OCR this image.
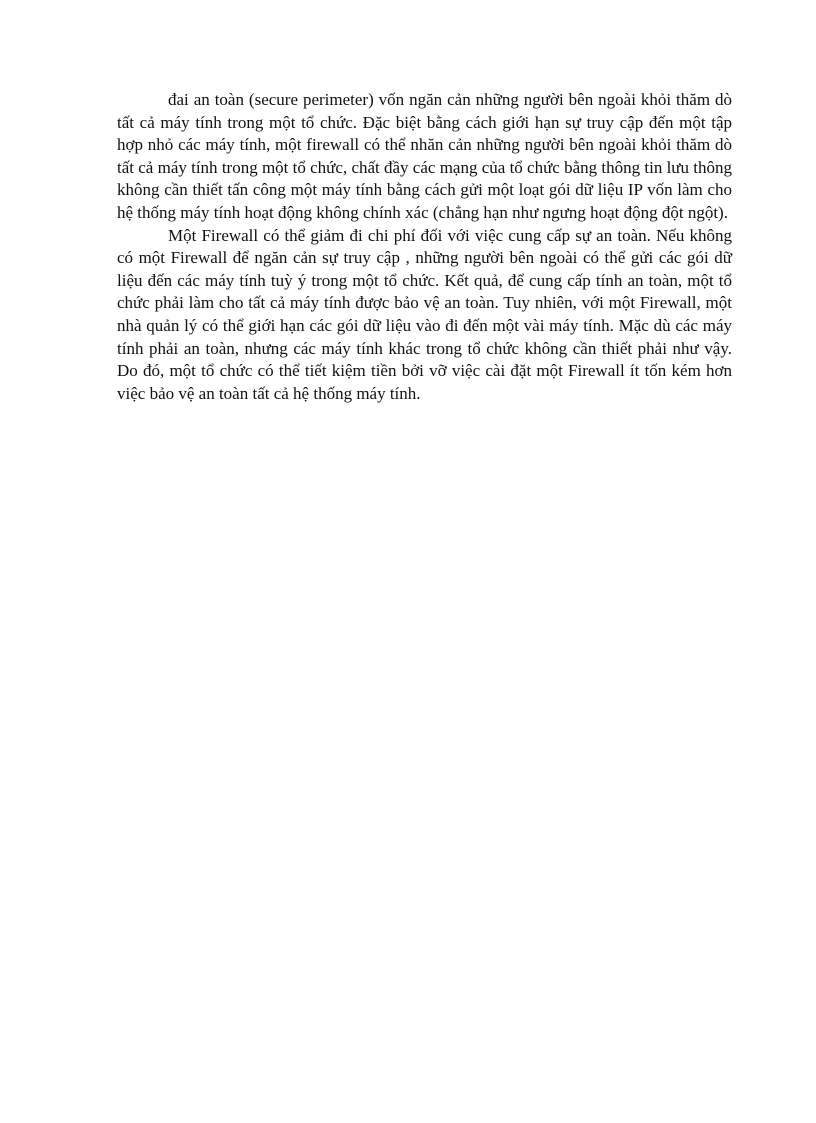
đai an toàn (secure perimeter) vốn ngăn cản những người bên ngoài khỏi thăm dò tất cả máy tính trong một tổ chức. Đặc biệt bằng cách giới hạn sự truy cập đến một tập hợp nhỏ các máy tính, một firewall có thể nhăn cản những người bên ngoài khỏi thăm dò tất cả máy tính trong một tổ chức, chất đầy các mạng của tổ chức bằng thông tin lưu thông không cần thiết tấn công một máy tính bằng cách gửi một loạt gói dữ liệu IP vốn làm cho hệ thống máy tính hoạt động không chính xác (chẳng hạn như ngưng hoạt động đột ngột).

Một Firewall có thể giảm đi chi phí đối với việc cung cấp sự an toàn. Nếu không có một Firewall để ngăn cản sự truy cập , những người bên ngoài có thể gửi các gói dữ liệu đến các máy tính tuỳ ý trong một tổ chức. Kết quả, để cung cấp tính an toàn, một tổ chức phải làm cho tất cả máy tính được bảo vệ an toàn. Tuy nhiên, với một Firewall, một nhà quản lý có thể giới hạn các gói dữ liệu vào đi đến một vài máy tính. Mặc dù các máy tính phải an toàn, nhưng các máy tính khác trong tổ chức không cần thiết phải như vậy. Do đó, một tổ chức có thể tiết kiệm tiền bởi vỡ việc cài đặt một Firewall ít tốn kém hơn việc bảo vệ an toàn tất cả hệ thống máy tính.
